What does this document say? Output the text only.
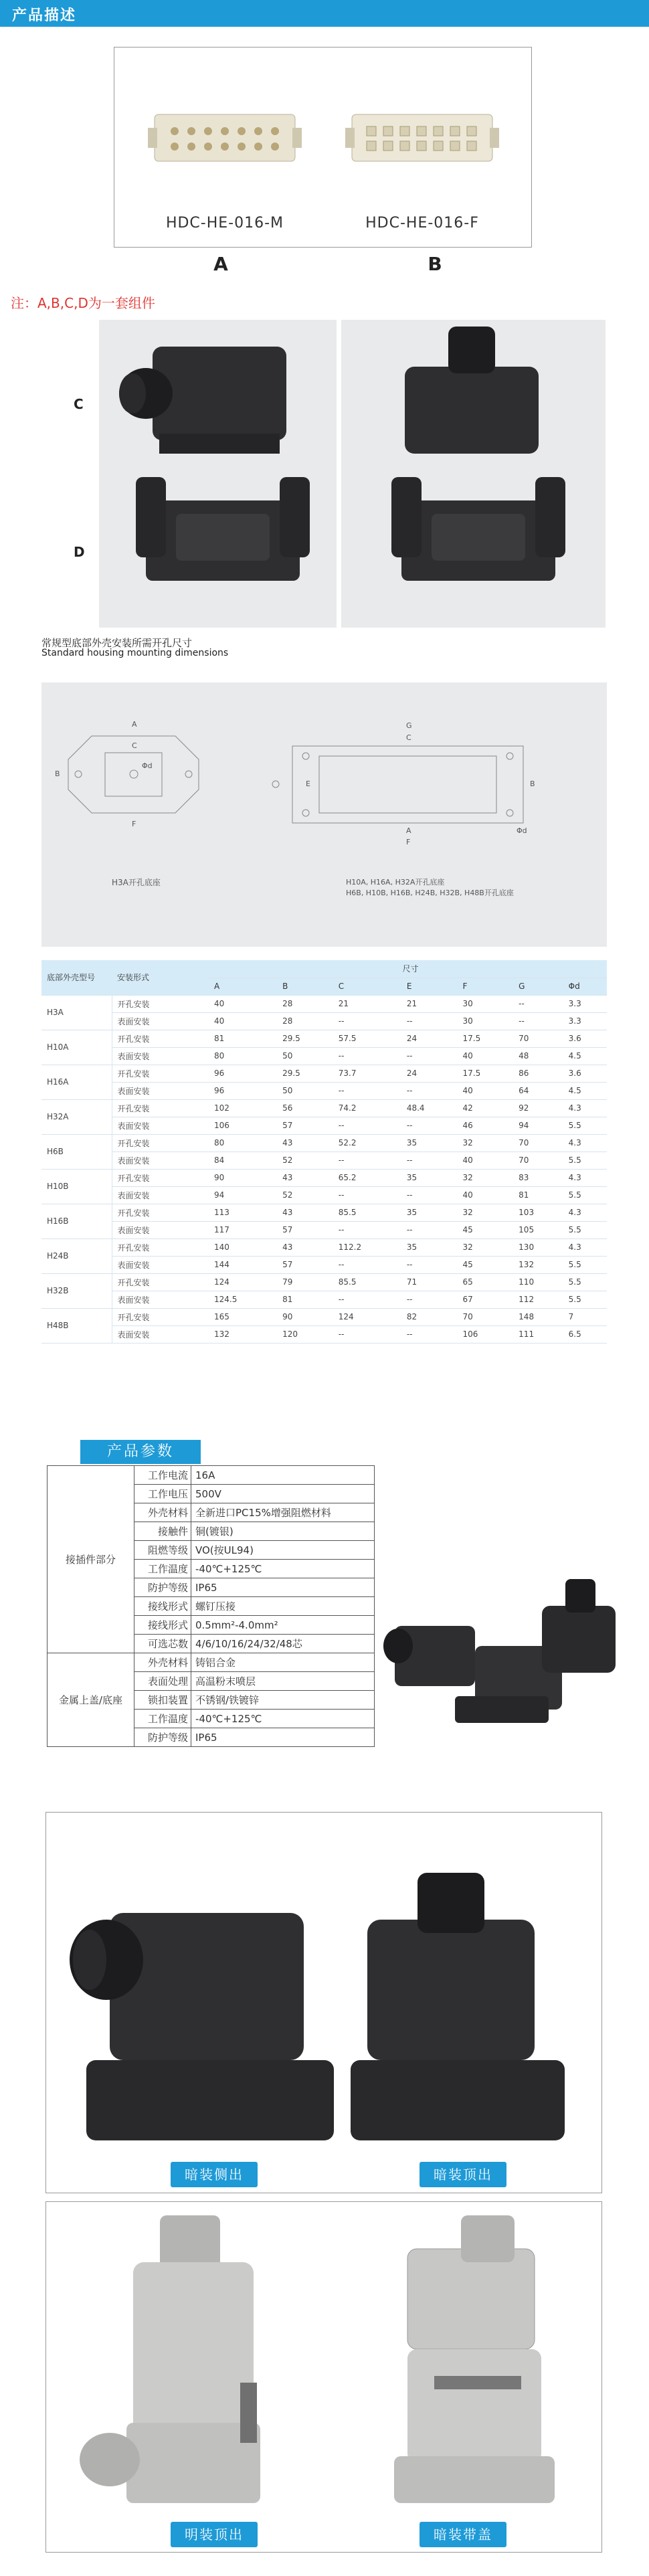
产品描述
HDC-HE-016-M	HDC-HE-016-F
A	B
注：A,B,C,D为一套组件
C
D
常规型底部外壳安装所需开孔尺寸
Standard housing mounting dimensions
A
C
B
F
Φd
H3A开孔底座
G
C
A
F
E	B
Φd
H10A, H16A, H32A开孔底座
H6B, H10B, H16B, H24B, H32B, H48B开孔底座
底部外壳型号	安装形式	尺寸						
		A	B	C	E	F	G	Φd
H3A	开孔安装	40	28	21	21	30	--	3.3
	表面安装	40	28	--	--	30	--	3.3
H10A	开孔安装	81	29.5	57.5	24	17.5	70	3.6
	表面安装	80	50	--	--	40	48	4.5
H16A	开孔安装	96	29.5	73.7	24	17.5	86	3.6
	表面安装	96	50	--	--	40	64	4.5
H32A	开孔安装	102	56	74.2	48.4	42	92	4.3
	表面安装	106	57	--	--	46	94	5.5
H6B	开孔安装	80	43	52.2	35	32	70	4.3
	表面安装	84	52	--	--	40	70	5.5
H10B	开孔安装	90	43	65.2	35	32	83	4.3
	表面安装	94	52	--	--	40	81	5.5
H16B	开孔安装	113	43	85.5	35	32	103	4.3
	表面安装	117	57	--	--	45	105	5.5
H24B	开孔安装	140	43	112.2	35	32	130	4.3
	表面安装	144	57	--	--	45	132	5.5
H32B	开孔安装	124	79	85.5	71	65	110	5.5
	表面安装	124.5	81	--	--	67	112	5.5
H48B	开孔安装	165	90	124	82	70	148	7
	表面安装	132	120	--	--	106	111	6.5
产品参数
接插件部分	工作电流	16A
	工作电压	500V
	外壳材料	全新进口PC15%增强阻燃材料
	接触件	铜(镀银)
	阻燃等级	VO(按UL94)
	工作温度	-40℃+125℃
	防护等级	IP65
	接线形式	螺钉压接
	接线形式	0.5mm²-4.0mm²
	可选芯数	4/6/10/16/24/32/48芯
金属上盖/底座	外壳材料	铸铝合金
	表面处理	高温粉末喷层
	锁扣装置	不锈钢/铁镀锌
	工作温度	-40℃+125℃
	防护等级	IP65
暗装侧出	暗装顶出
明装顶出	暗装带盖
